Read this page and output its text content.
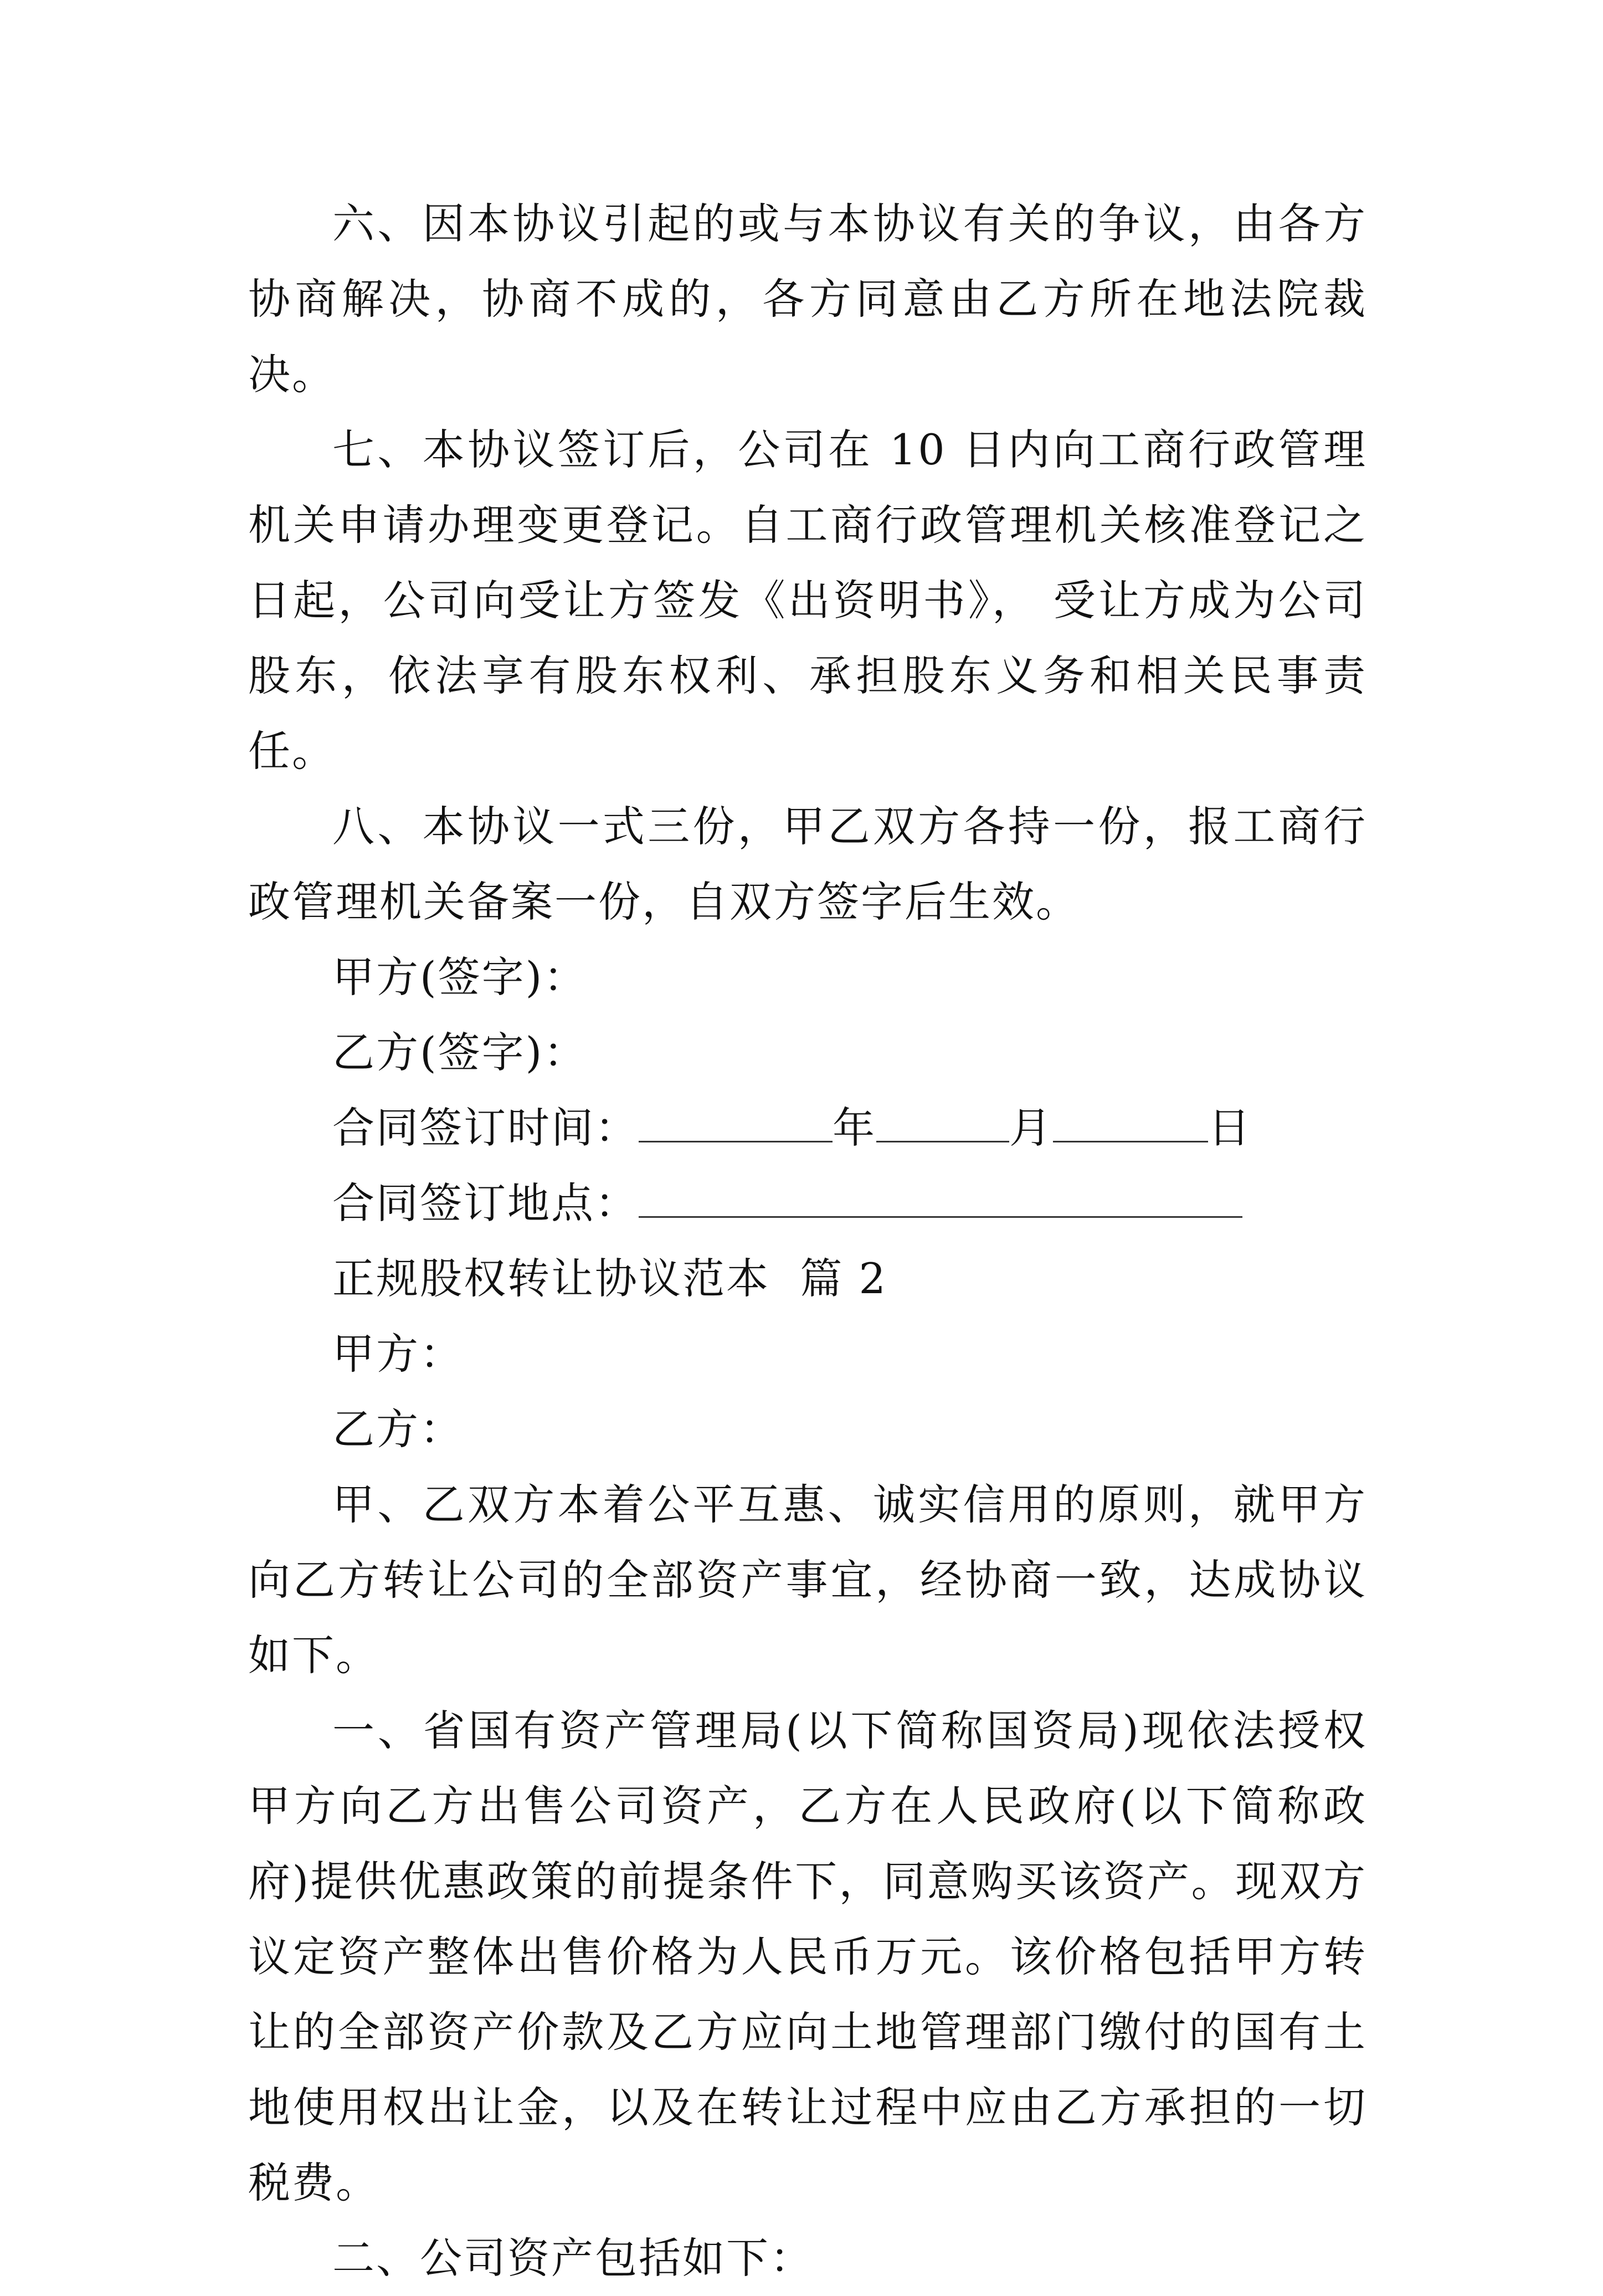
六、因本协议引起的或与本协议有关的争议，由各方协商解决，协商不成的，各方同意由乙方所在地法院裁决。

七、本协议签订后，公司在 10 日内向工商行政管理机关申请办理变更登记。自工商行政管理机关核准登记之日起，公司向受让方签发《出资明书》， 受让方成为公司股东，依法享有股东权利、承担股东义务和相关民事责任。

八、本协议一式三份，甲乙双方各持一份，报工商行政管理机关备案一份，自双方签字后生效。

甲方(签字)：

乙方(签字)：

合同签订时间：	年	月	日

合同签订地点：

正规股权转让协议范本  篇 2

甲方：

乙方：

甲、乙双方本着公平互惠、诚实信用的原则，就甲方向乙方转让公司的全部资产事宜，经协商一致，达成协议如下。

一、省国有资产管理局(以下简称国资局)现依法授权甲方向乙方出售公司资产，乙方在人民政府(以下简称政府)提供优惠政策的前提条件下，同意购买该资产。现双方议定资产整体出售价格为人民币万元。该价格包括甲方转让的全部资产价款及乙方应向土地管理部门缴付的国有土地使用权出让金，以及在转让过程中应由乙方承担的一切税费。

二、公司资产包括如下：
